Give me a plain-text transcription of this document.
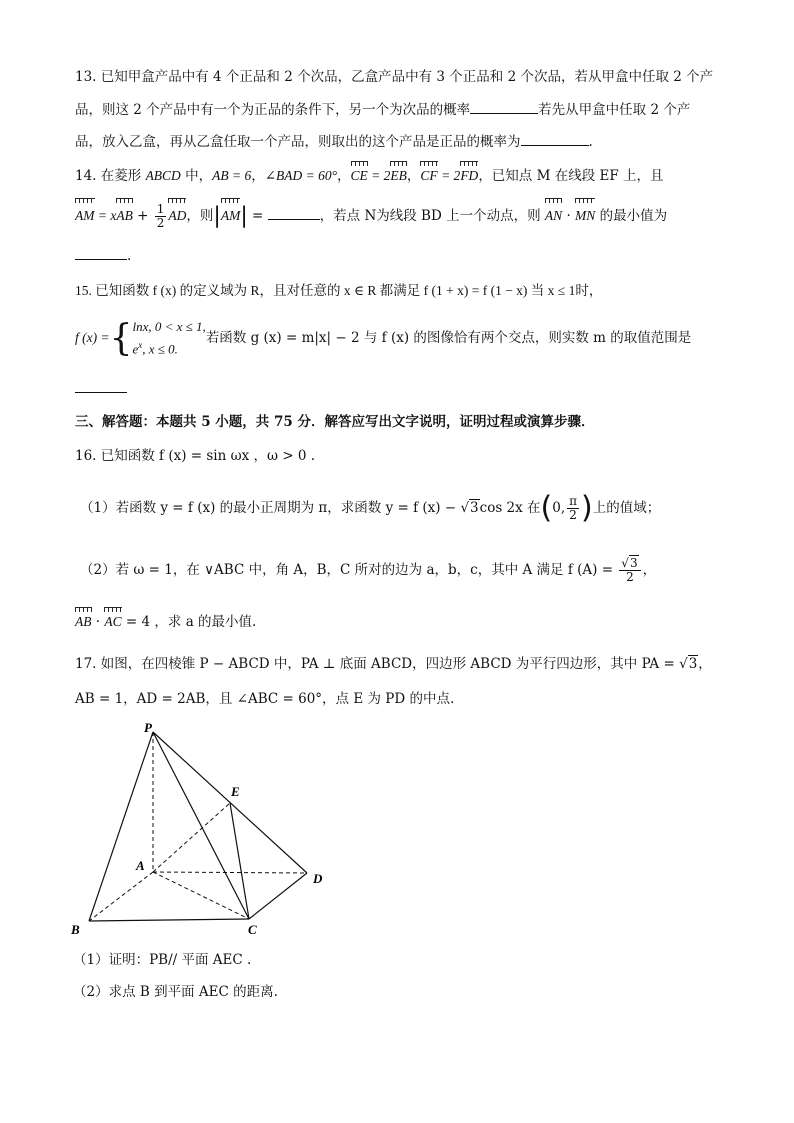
13. 已知甲盒产品中有 4 个正品和 2 个次品，乙盒产品中有 3 个正品和 2 个次品，若从甲盒中任取 2 个产
品，则这 2 个产品中有一个为正品的条件下，另一个为次品的概率	若先从甲盒中任取 2 个产
品，放入乙盒，再从乙盒任取一个产品，则取出的这个产品是正品的概率为	.
14. 在菱形 ABCD 中，AB = 6，∠BAD = 60°，CE = 2EB，CF = 2FD，已知点 M 在线段 EF 上，且
AM = xAB + $\frac{1}{2}$ AD，则|AM| =	，若点 N为线段 BD 上一个动点，则 AN · MN 的最小值为
.
15. 已知函数 f (x) 的定义域为 R，且对任意的 x ∈ R 都满足 f (1 + x) = f (1 − x) 当 x ≤ 1时，
f (x) ={ lnx, 0 < x ≤ 1,
$e^x$, x ≤ 0.
若函数 g (x) = m|x| − 2 与 f (x) 的图像恰有两个交点，则实数 m 的取值范围是
三、解答题：本题共 5 小题，共 75 分．解答应写出文字说明，证明过程或演算步骤．
16. 已知函数 f (x) = sin ωx ，ω > 0 .
（1）若函数 y = f (x) 的最小正周期为 π，求函数 y = f (x) − √3cos 2x 在(0, $\frac{\pi}{2}$ )上的值域；
（2）若 ω = 1，在 ∨ABC 中，角 A，B，C 所对的边为 a，b，c，其中 A 满足 f $(A) = \frac{√3}{2}$ ，
AB · AC = 4 ，求 a 的最小值.
17. 如图，在四棱锥 P − ABCD 中，PA ⊥ 底面 ABCD，四边形 ABCD 为平行四边形，其中 PA = √3，
AB = 1，AD = 2AB，且 ∠ABC = 60°，点 E 为 PD 的中点.
P
E
A
D
B	C
（1）证明：PB// 平面 AEC .
（2）求点 B 到平面 AEC 的距离.
